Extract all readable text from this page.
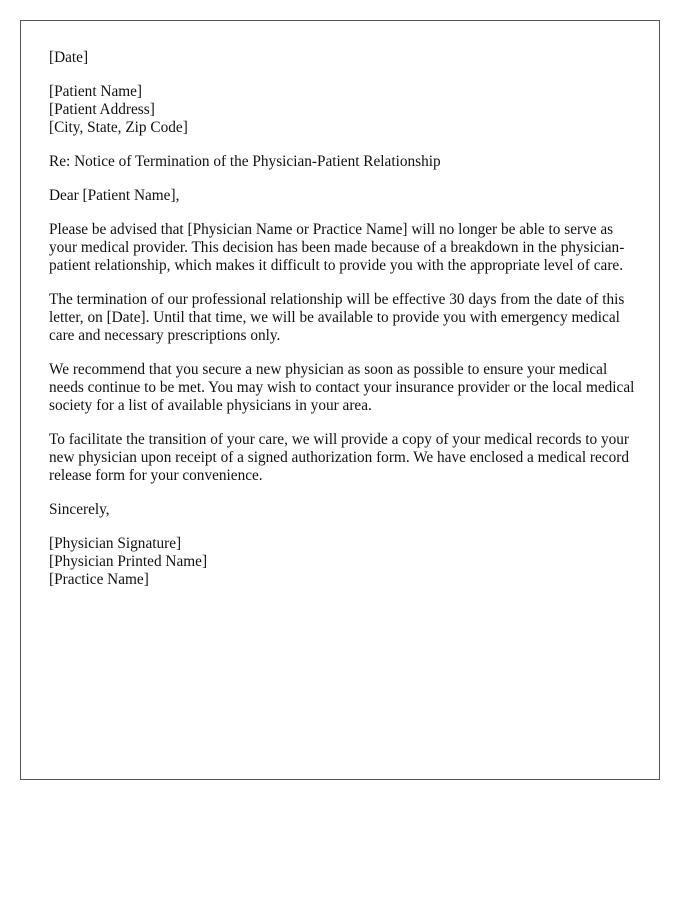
[Date]
[Patient Name]
[Patient Address]
[City, State, Zip Code]
Re: Notice of Termination of the Physician-Patient Relationship
Dear [Patient Name],
Please be advised that [Physician Name or Practice Name] will no longer be able to serve as your medical provider. This decision has been made because of a breakdown in the physician-patient relationship, which makes it difficult to provide you with the appropriate level of care.
The termination of our professional relationship will be effective 30 days from the date of this letter, on [Date]. Until that time, we will be available to provide you with emergency medical care and necessary prescriptions only.
We recommend that you secure a new physician as soon as possible to ensure your medical needs continue to be met. You may wish to contact your insurance provider or the local medical society for a list of available physicians in your area.
To facilitate the transition of your care, we will provide a copy of your medical records to your new physician upon receipt of a signed authorization form. We have enclosed a medical record release form for your convenience.
Sincerely,
[Physician Signature]
[Physician Printed Name]
[Practice Name]
